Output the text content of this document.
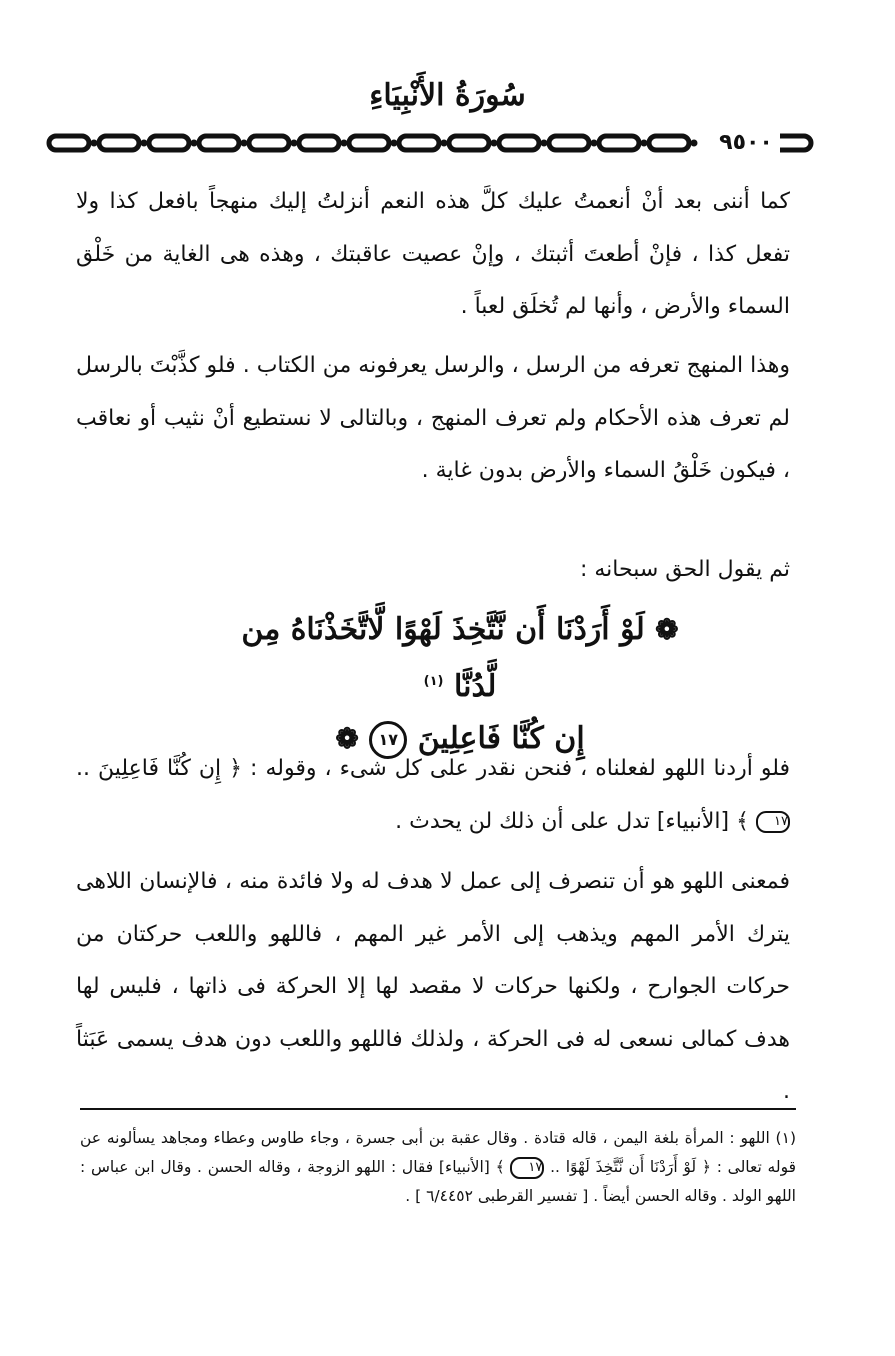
سُورَةُ الأَنْبِيَاءِ
٩٥٠٠

كما أننى بعد أنْ أنعمتُ عليك كلَّ هذه النعم أنزلتُ إليك منهجاً بافعل كذا ولا تفعل كذا ، فإنْ أطعتَ أثبتك ، وإنْ عصيت عاقبتك ، وهذه هى الغاية من خَلْق السماء والأرض ، وأنها لم تُخلَق لعباً .

وهذا المنهج تعرفه من الرسل ، والرسل يعرفونه من الكتاب . فلو كذَّبْتَ بالرسل لم تعرف هذه الأحكام ولم تعرف المنهج ، وبالتالى لا نستطيع أنْ نثيب أو نعاقب ، فيكون خَلْقُ السماء والأرض بدون غاية .

ثم يقول الحق سبحانه :

❁ لَوْ أَرَدْنَا أَن نَّتَّخِذَ لَهْوًا لَّاتَّخَذْنَاهُ مِن لَّدُنَّا $^{(١)}$
إِن كُنَّا فَاعِلِينَ ١٧ ❁

فلو أردنا اللهو لفعلناه ، فنحن نقدر على كل شىء ، وقوله : ﴿ إِن كُنَّا فَاعِلِينَ .. ١٧ ﴾ [الأنبياء] تدل على أن ذلك لن يحدث .

فمعنى اللهو هو أن تنصرف إلى عمل لا هدف له ولا فائدة منه ، فالإنسان اللاهى يترك الأمر المهم ويذهب إلى الأمر غير المهم ، فاللهو واللعب حركتان من حركات الجوارح ، ولكنها حركات لا مقصد لها إلا الحركة فى ذاتها ، فليس لها هدف كمالى نسعى له فى الحركة ، ولذلك فاللهو واللعب دون هدف يسمى عَبَثاً .

(١) اللهو : المرأة بلغة اليمن ، قاله قتادة . وقال عقبة بن أبى جسرة ، وجاء طاوس وعطاء ومجاهد يسألونه عن قوله تعالى : ﴿ لَوْ أَرَدْنَا أَن نَّتَّخِذَ لَهْوًا .. ١٧ ﴾ [الأنبياء] فقال : اللهو الزوجة ، وقاله الحسن . وقال ابن عباس : اللهو الولد . وقاله الحسن أيضاً . [ تفسير القرطبى ٦/٤٤٥٢ ] .
